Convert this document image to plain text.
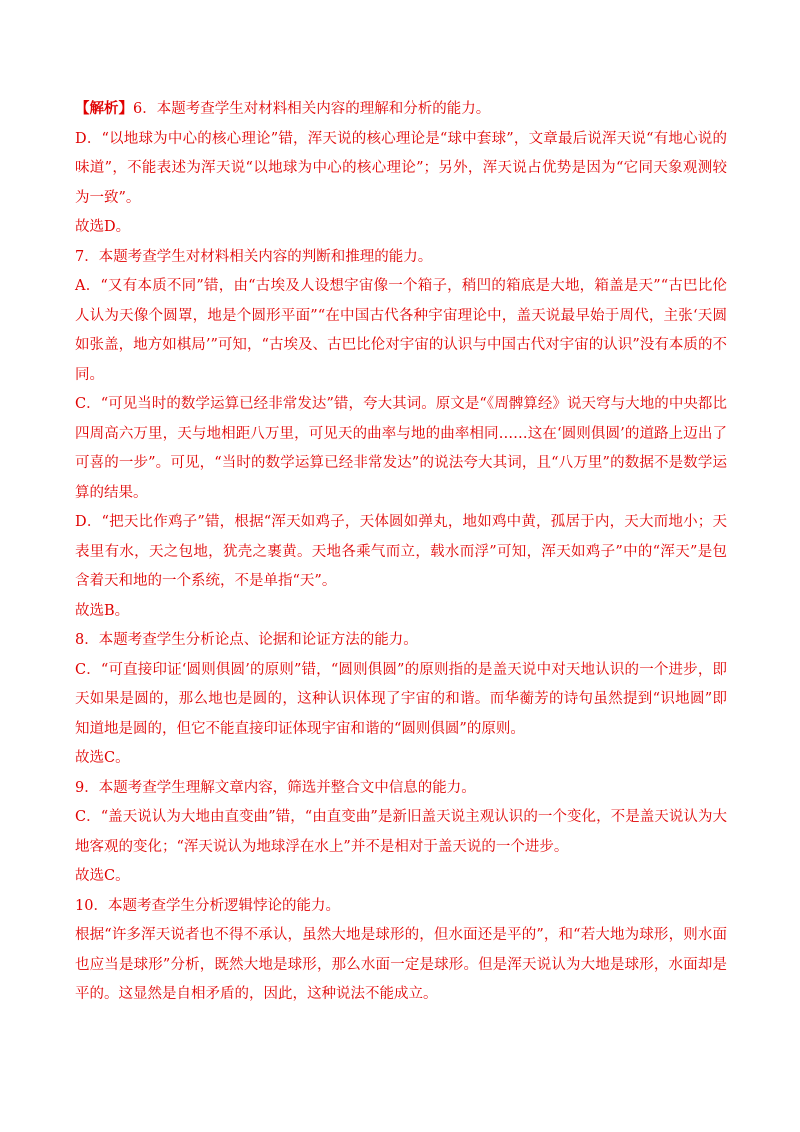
【解析】6．本题考查学生对材料相关内容的理解和分析的能力。

D．“以地球为中心的核心理论”错，浑天说的核心理论是“球中套球”，文章最后说浑天说“有地心说的味道”，不能表述为浑天说“以地球为中心的核心理论”；另外，浑天说占优势是因为“它同天象观测较为一致”。

故选D。

7．本题考查学生对材料相关内容的判断和推理的能力。

A．“又有本质不同”错，由“古埃及人设想宇宙像一个箱子，稍凹的箱底是大地，箱盖是天”“古巴比伦人认为天像个圆罩，地是个圆形平面”“在中国古代各种宇宙理论中，盖天说最早始于周代，主张‘天圆如张盖，地方如棋局’”可知，“古埃及、古巴比伦对宇宙的认识与中国古代对宇宙的认识”没有本质的不同。

C．“可见当时的数学运算已经非常发达”错，夸大其词。原文是“《周髀算经》说天穹与大地的中央都比四周高六万里，天与地相距八万里，可见天的曲率与地的曲率相同……这在‘圆则俱圆’的道路上迈出了可喜的一步”。可见，“当时的数学运算已经非常发达”的说法夸大其词，且“八万里”的数据不是数学运算的结果。

D．“把天比作鸡子”错，根据“浑天如鸡子，天体圆如弹丸，地如鸡中黄，孤居于内，天大而地小；天表里有水，天之包地，犹壳之裹黄。天地各乘气而立，载水而浮”可知，浑天如鸡子”中的“浑天”是包含着天和地的一个系统，不是单指“天”。

故选B。

8．本题考查学生分析论点、论据和论证方法的能力。

C．“可直接印证‘圆则俱圆’的原则”错，“圆则俱圆”的原则指的是盖天说中对天地认识的一个进步，即天如果是圆的，那么地也是圆的，这种认识体现了宇宙的和谐。而华蘅芳的诗句虽然提到“识地圆”即知道地是圆的，但它不能直接印证体现宇宙和谐的“圆则俱圆”的原则。

故选C。

9．本题考查学生理解文章内容，筛选并整合文中信息的能力。

C．“盖天说认为大地由直变曲”错，“由直变曲”是新旧盖天说主观认识的一个变化，不是盖天说认为大地客观的变化；“浑天说认为地球浮在水上”并不是相对于盖天说的一个进步。

故选C。

10．本题考查学生分析逻辑悖论的能力。

根据“许多浑天说者也不得不承认，虽然大地是球形的，但水面还是平的”，和“若大地为球形，则水面也应当是球形”分析，既然大地是球形，那么水面一定是球形。但是浑天说认为大地是球形，水面却是平的。这显然是自相矛盾的，因此，这种说法不能成立。
